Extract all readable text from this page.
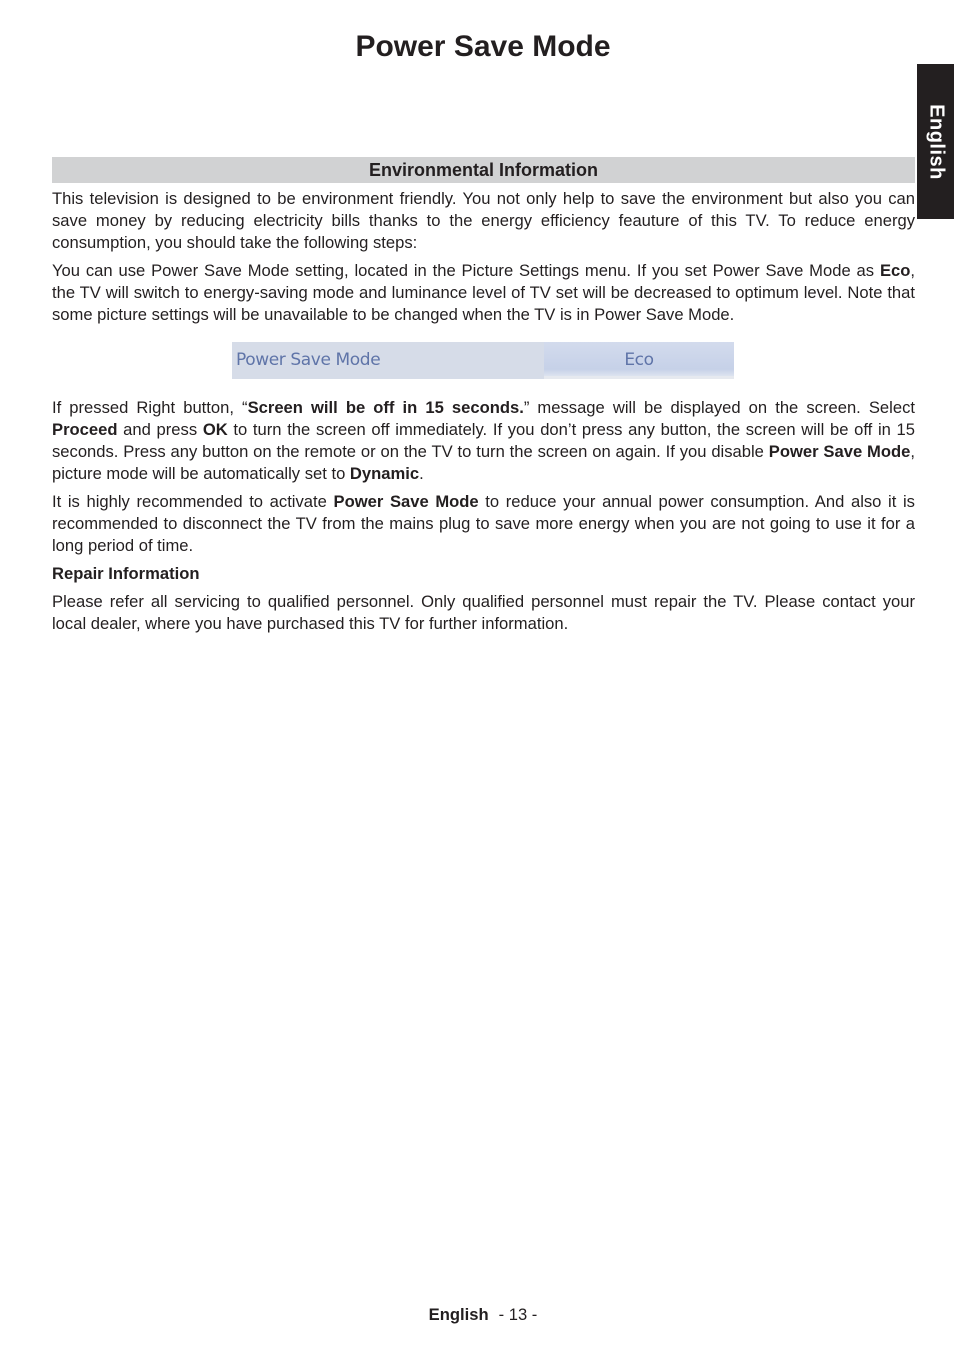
Power Save Mode
English
Environmental Information

This television is designed to be environment friendly. You not only help to save the environment but also you can save money by reducing electricity bills thanks to the energy efficiency feauture of this TV. To reduce energy consumption, you should take the following steps:

You can use Power Save Mode setting, located in the Picture Settings menu. If you set Power Save Mode as Eco, the TV will switch to energy-saving mode and luminance level of TV set will be decreased to optimum level. Note that some picture settings will be unavailable to be changed when the TV is in Power Save Mode.

Power Save Mode	Eco

If pressed Right button, “Screen will be off in 15 seconds.” message will be displayed on the screen. Select Proceed and press OK to turn the screen off immediately. If you don’t press any button, the screen will be off in 15 seconds. Press any button on the remote or on the TV to turn the screen on again. If you disable Power Save Mode, picture mode will be automatically set to Dynamic.

It is highly recommended to activate Power Save Mode to reduce your annual power consumption. And also it is recommended to disconnect the TV from the mains plug to save more energy when you are not going to use it for a long period of time.

Repair Information

Please refer all servicing to qualified personnel. Only qualified personnel must repair the TV. Please contact your local dealer, where you have purchased this TV for further information.

English - 13 -
